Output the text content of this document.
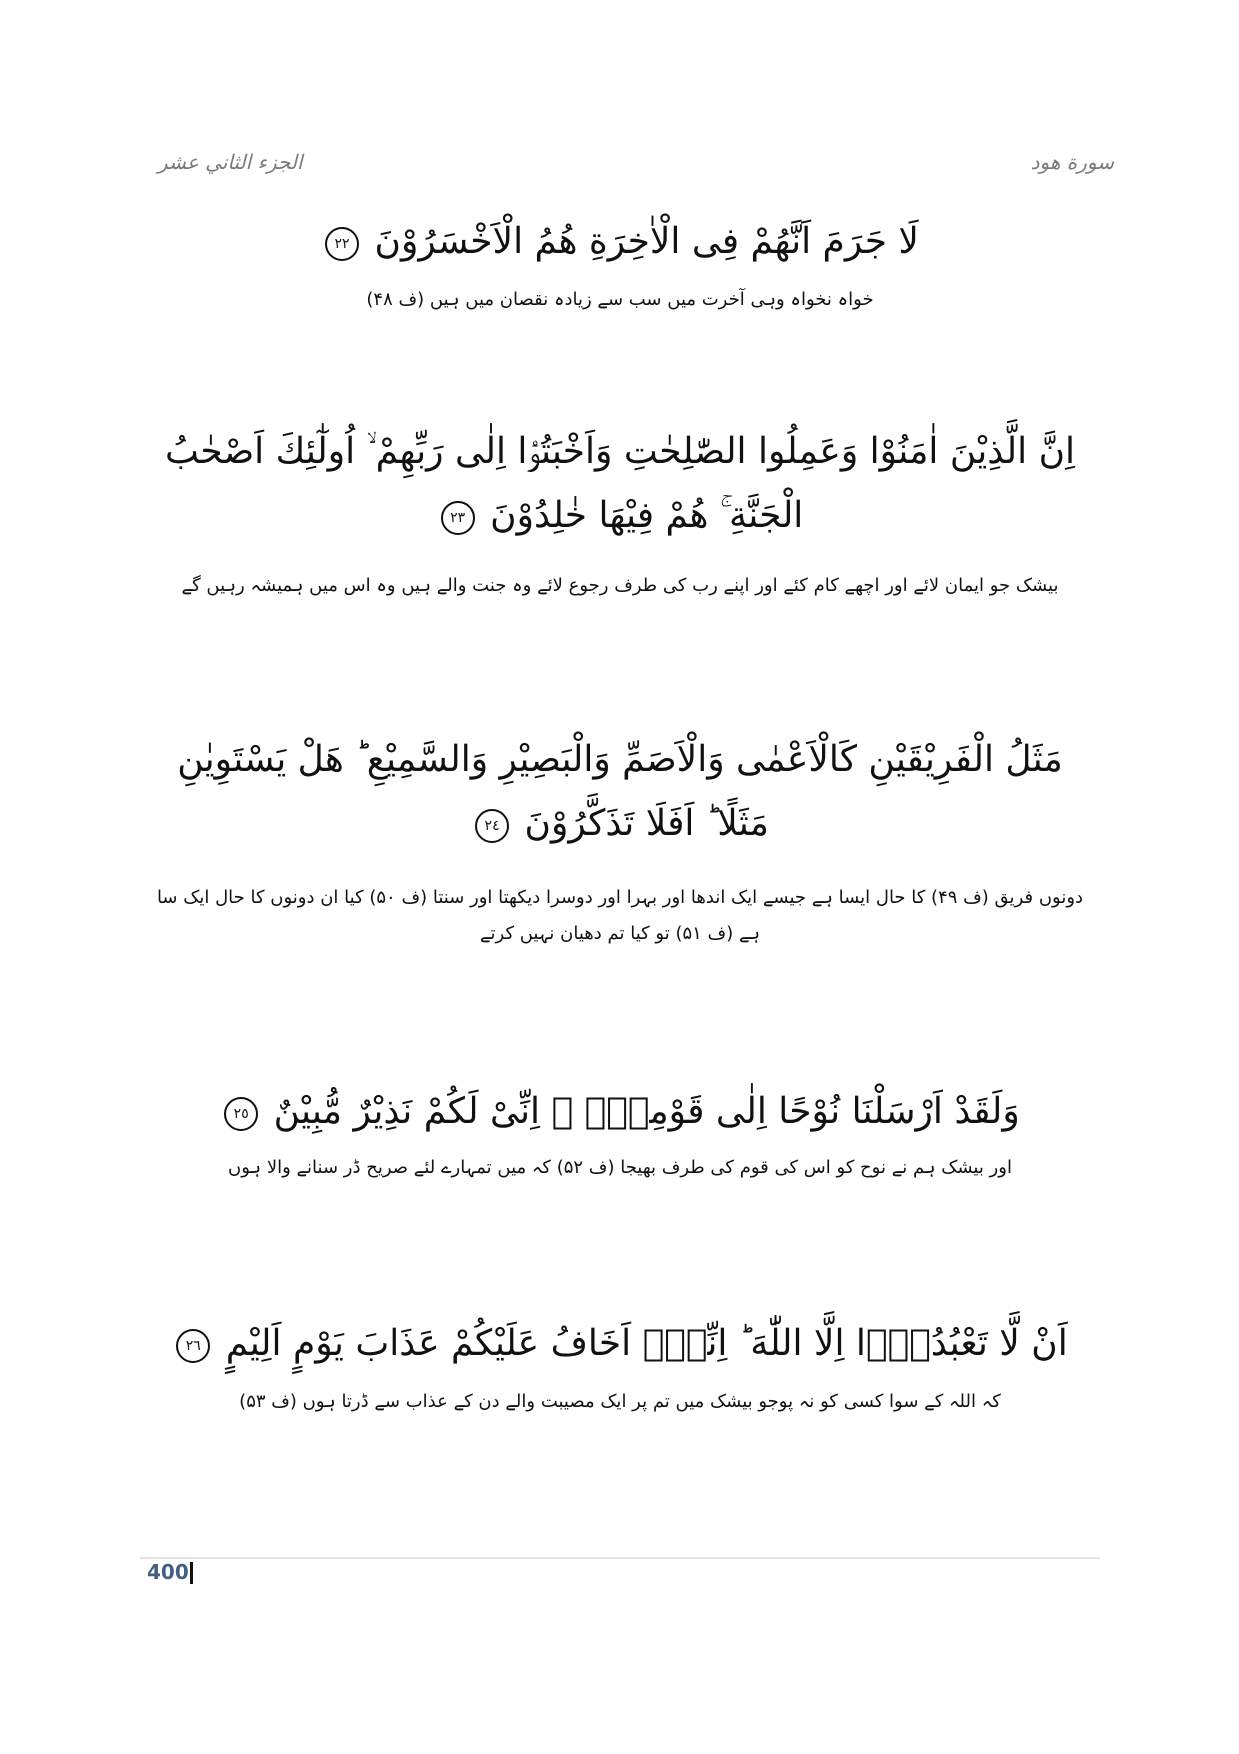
الجزء الثاني عشر	سورة هود
لَا جَرَمَ اَنَّهُمْ فِى الْاٰخِرَةِ هُمُ الْاَخْسَرُوْنَ ٢٢
خواہ نخواہ وہی آخرت میں سب سے زیادہ نقصان میں ہیں (ف ۴۸)
اِنَّ الَّذِيْنَ اٰمَنُوْا وَعَمِلُوا الصّٰلِحٰتِ وَاَخْبَتُوْۤا اِلٰى رَبِّهِمْ ۙ اُولٰٓئِكَ اَصْحٰبُ
الْجَنَّةِ ۚ هُمْ فِيْهَا خٰلِدُوْنَ ٢٣
بیشک جو ایمان لائے اور اچھے کام کئے اور اپنے رب کی طرف رجوع لائے وہ جنت والے ہیں وہ اس میں ہمیشہ رہیں گے
مَثَلُ الْفَرِيْقَيْنِ كَالْاَعْمٰى وَالْاَصَمِّ وَالْبَصِيْرِ وَالسَّمِيْعِ ؕ هَلْ يَسْتَوِيٰنِ
مَثَلًا ؕ اَفَلَا تَذَكَّرُوْنَ ٢٤
دونوں فریق (ف ۴۹) کا حال ایسا ہے جیسے ایک اندھا اور بہرا اور دوسرا دیکھتا اور سنتا (ف ۵۰) کیا ان دونوں کا حال ایک سا
ہے (ف ۵۱) تو کیا تم دھیان نہیں کرتے
وَلَقَدْ اَرْسَلْنَا نُوْحًا اِلٰى قَوْمِهٖۤ ۙ اِنِّىْ لَكُمْ نَذِيْرٌ مُّبِيْنٌ ٢٥
اور بیشک ہم نے نوح کو اس کی قوم کی طرف بھیجا (ف ۵۲) کہ میں تمہارے لئے صریح ڈر سنانے والا ہوں
اَنْ لَّا تَعْبُدُوْۤا اِلَّا اللّٰهَ ؕ اِنِّىْۤ اَخَافُ عَلَيْكُمْ عَذَابَ يَوْمٍ اَلِيْمٍ ٢٦
کہ اللہ کے سوا کسی کو نہ پوجو بیشک میں تم پر ایک مصیبت والے دن کے عذاب سے ڈرتا ہوں (ف ۵۳)
400
